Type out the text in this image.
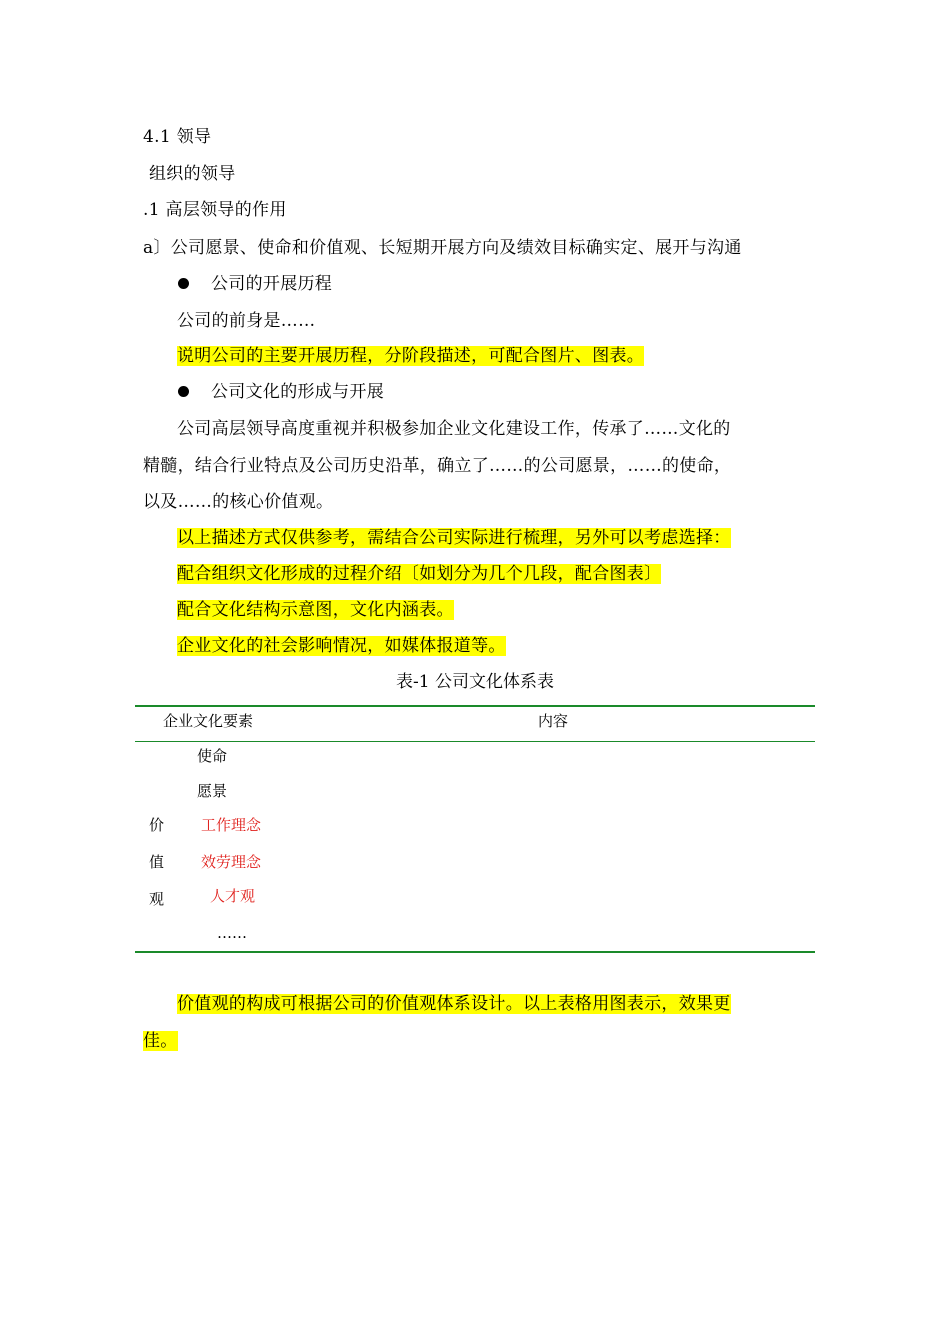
4.1 领导
组织的领导
.1 高层领导的作用
a〕公司愿景、使命和价值观、长短期开展方向及绩效目标确实定、展开与沟通
公司的开展历程
公司的前身是……
说明公司的主要开展历程，分阶段描述，可配合图片、图表。
公司文化的形成与开展
公司高层领导高度重视并积极参加企业文化建设工作，传承了……文化的
精髓，结合行业特点及公司历史沿革，确立了……的公司愿景，……的使命，
以及……的核心价值观。
以上描述方式仅供参考，需结合公司实际进行梳理，另外可以考虑选择：
配合组织文化形成的过程介绍〔如划分为几个几段，配合图表〕
配合文化结构示意图，文化内涵表。
企业文化的社会影响情况，如媒体报道等。
表-1 公司文化体系表
企业文化要素	内容
使命
愿景
价
值
观
工作理念
效劳理念
人才观
……
价值观的构成可根据公司的价值观体系设计。以上表格用图表示，效果更
佳。
